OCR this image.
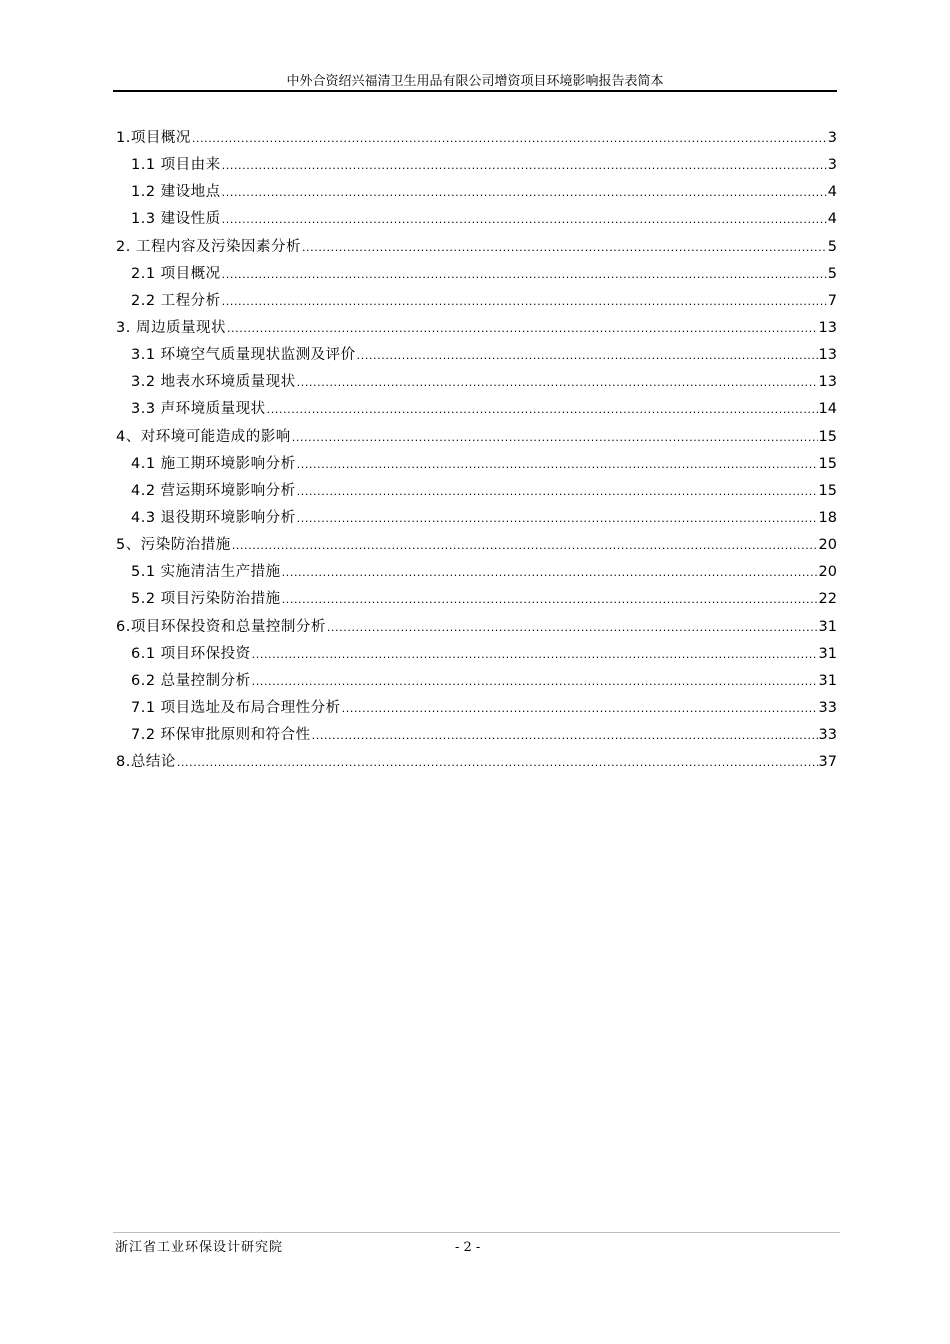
中外合资绍兴福清卫生用品有限公司增资项目环境影响报告表简本
1.项目概况 .....	3
1.1 项目由来 .....	3
1.2 建设地点 .....	4
1.3 建设性质 .....	4
2. 工程内容及污染因素分析 .....	5
2.1 项目概况 .....	5
2.2 工程分析 .....	7
3. 周边质量现状 .....	13
3.1 环境空气质量现状监测及评价 .....	13
3.2 地表水环境质量现状 .....	13
3.3 声环境质量现状 .....	14
4、对环境可能造成的影响 .....	15
4.1 施工期环境影响分析 .....	15
4.2 营运期环境影响分析 .....	15
4.3 退役期环境影响分析 .....	18
5、污染防治措施 .....	20
5.1 实施清洁生产措施 .....	20
5.2 项目污染防治措施 .....	22
6.项目环保投资和总量控制分析 .....	31
6.1 项目环保投资 .....	31
6.2 总量控制分析 .....	31
7.1 项目选址及布局合理性分析 .....	33
7.2 环保审批原则和符合性 .....	33
8.总结论 .....	37
浙江省工业环保设计研究院	- 2 -
